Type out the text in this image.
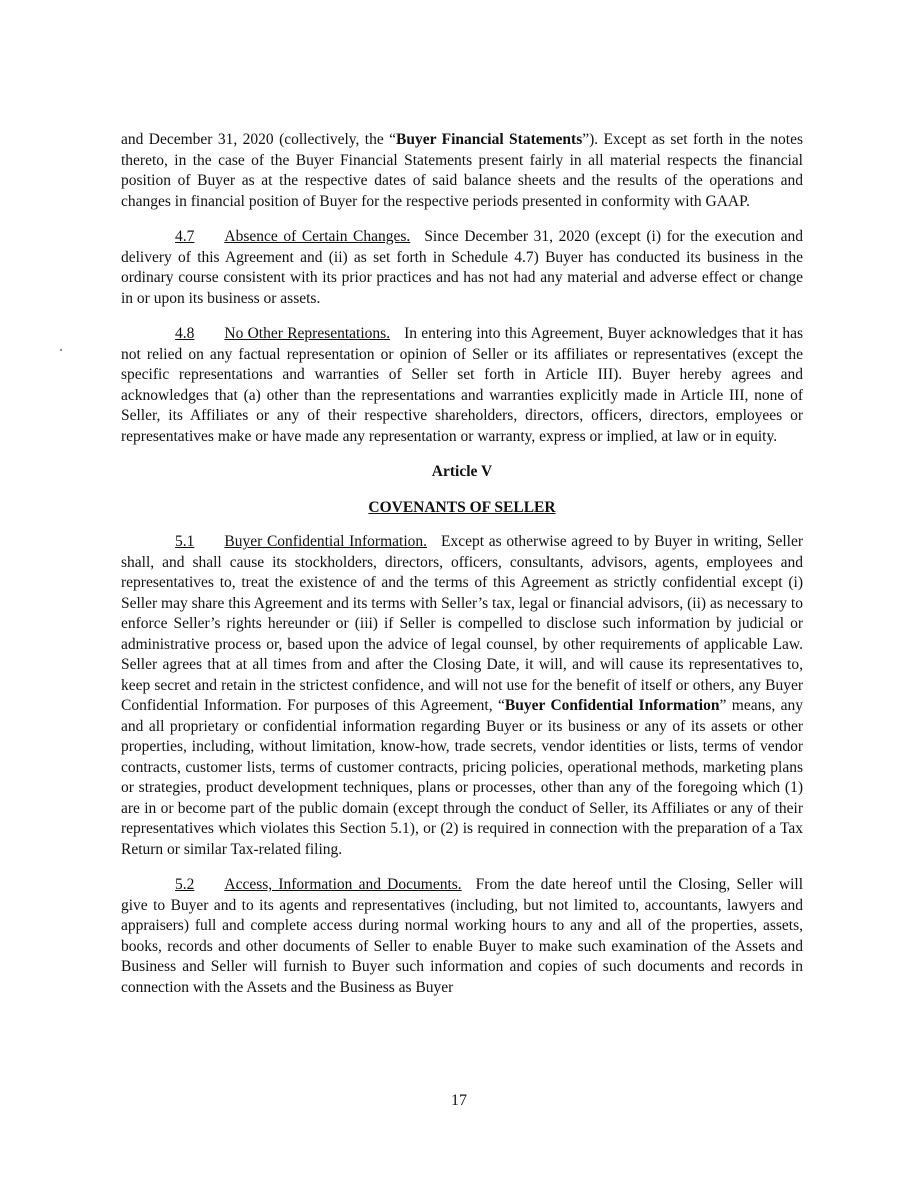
and December 31, 2020 (collectively, the “Buyer Financial Statements”). Except as set forth in the notes thereto, in the case of the Buyer Financial Statements present fairly in all material respects the financial position of Buyer as at the respective dates of said balance sheets and the results of the operations and changes in financial position of Buyer for the respective periods presented in conformity with GAAP.

4.7 Absence of Certain Changes. Since December 31, 2020 (except (i) for the execution and delivery of this Agreement and (ii) as set forth in Schedule 4.7) Buyer has conducted its business in the ordinary course consistent with its prior practices and has not had any material and adverse effect or change in or upon its business or assets.

4.8 No Other Representations. In entering into this Agreement, Buyer acknowledges that it has not relied on any factual representation or opinion of Seller or its affiliates or representatives (except the specific representations and warranties of Seller set forth in Article III). Buyer hereby agrees and acknowledges that (a) other than the representations and warranties explicitly made in Article III, none of Seller, its Affiliates or any of their respective shareholders, directors, officers, directors, employees or representatives make or have made any representation or warranty, express or implied, at law or in equity.

Article V
COVENANTS OF SELLER

5.1 Buyer Confidential Information. Except as otherwise agreed to by Buyer in writing, Seller shall, and shall cause its stockholders, directors, officers, consultants, advisors, agents, employees and representatives to, treat the existence of and the terms of this Agreement as strictly confidential except (i) Seller may share this Agreement and its terms with Seller’s tax, legal or financial advisors, (ii) as necessary to enforce Seller’s rights hereunder or (iii) if Seller is compelled to disclose such information by judicial or administrative process or, based upon the advice of legal counsel, by other requirements of applicable Law. Seller agrees that at all times from and after the Closing Date, it will, and will cause its representatives to, keep secret and retain in the strictest confidence, and will not use for the benefit of itself or others, any Buyer Confidential Information. For purposes of this Agreement, “Buyer Confidential Information” means, any and all proprietary or confidential information regarding Buyer or its business or any of its assets or other properties, including, without limitation, know-how, trade secrets, vendor identities or lists, terms of vendor contracts, customer lists, terms of customer contracts, pricing policies, operational methods, marketing plans or strategies, product development techniques, plans or processes, other than any of the foregoing which (1) are in or become part of the public domain (except through the conduct of Seller, its Affiliates or any of their representatives which violates this Section 5.1), or (2) is required in connection with the preparation of a Tax Return or similar Tax-related filing.

5.2 Access, Information and Documents. From the date hereof until the Closing, Seller will give to Buyer and to its agents and representatives (including, but not limited to, accountants, lawyers and appraisers) full and complete access during normal working hours to any and all of the properties, assets, books, records and other documents of Seller to enable Buyer to make such examination of the Assets and Business and Seller will furnish to Buyer such information and copies of such documents and records in connection with the Assets and the Business as Buyer

17
